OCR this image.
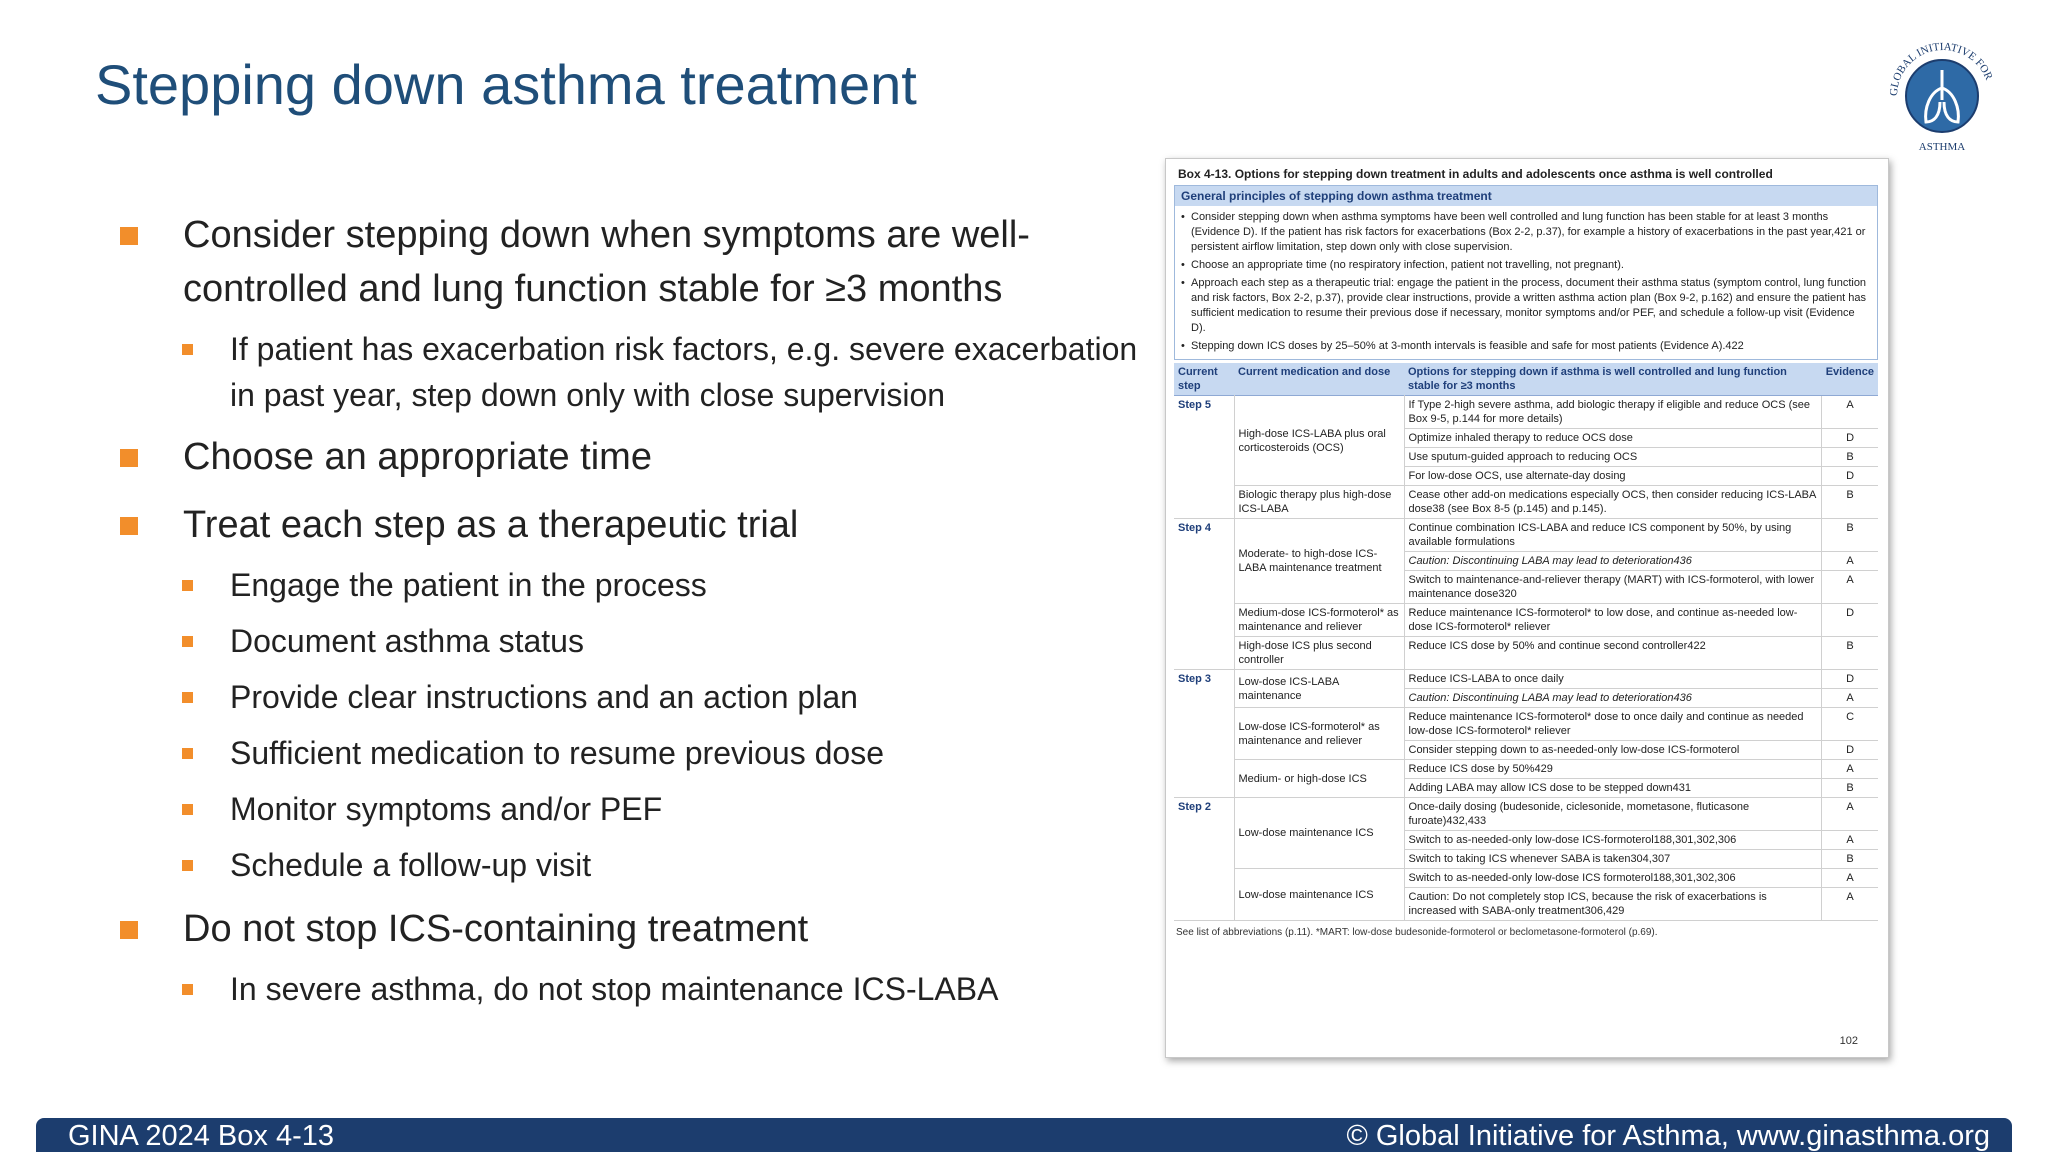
Stepping down asthma treatment	GLOBAL INITIATIVE FOR
ASTHMA
Consider stepping down when symptoms are well-controlled and lung function stable for ≥3 months
If patient has exacerbation risk factors, e.g. severe exacerbation in past year, step down only with close supervision
Choose an appropriate time
Treat each step as a therapeutic trial
Engage the patient in the process
Document asthma status
Provide clear instructions and an action plan
Sufficient medication to resume previous dose
Monitor symptoms and/or PEF
Schedule a follow-up visit
Do not stop ICS-containing treatment
In severe asthma, do not stop maintenance ICS-LABA
Box 4-13. Options for stepping down treatment in adults and adolescents once asthma is well controlled
General principles of stepping down asthma treatment
• Consider stepping down when asthma symptoms have been well controlled and lung function has been stable for at least 3 months (Evidence D). If the patient has risk factors for exacerbations (Box 2-2, p.37), for example a history of exacerbations in the past year,421 or persistent airflow limitation, step down only with close supervision.
• Choose an appropriate time (no respiratory infection, patient not travelling, not pregnant).
• Approach each step as a therapeutic trial: engage the patient in the process, document their asthma status (symptom control, lung function and risk factors, Box 2-2, p.37), provide clear instructions, provide a written asthma action plan (Box 9-2, p.162) and ensure the patient has sufficient medication to resume their previous dose if necessary, monitor symptoms and/or PEF, and schedule a follow-up visit (Evidence D).
• Stepping down ICS doses by 25–50% at 3-month intervals is feasible and safe for most patients (Evidence A).422
Current step	Current medication and dose	Options for stepping down if asthma is well controlled and lung function stable for ≥3 months	Evidence
Step 5	High-dose ICS-LABA plus oral corticosteroids (OCS)	If Type 2-high severe asthma, add biologic therapy if eligible and reduce OCS (see Box 9-5, p.144 for more details)	A
		Optimize inhaled therapy to reduce OCS dose	D
		Use sputum-guided approach to reducing OCS	B
		For low-dose OCS, use alternate-day dosing	D
	Biologic therapy plus high-dose ICS-LABA	Cease other add-on medications especially OCS, then consider reducing ICS-LABA dose38 (see Box 8-5 (p.145) and p.145).	B
Step 4	Moderate- to high-dose ICS-LABA maintenance treatment	Continue combination ICS-LABA and reduce ICS component by 50%, by using available formulations	B
		Caution: Discontinuing LABA may lead to deterioration436	A
		Switch to maintenance-and-reliever therapy (MART) with ICS-formoterol, with lower maintenance dose320	A
	Medium-dose ICS-formoterol* as maintenance and reliever	Reduce maintenance ICS-formoterol* to low dose, and continue as-needed low-dose ICS-formoterol* reliever	D
	High-dose ICS plus second controller	Reduce ICS dose by 50% and continue second controller422	B
Step 3	Low-dose ICS-LABA maintenance	Reduce ICS-LABA to once daily	D
		Caution: Discontinuing LABA may lead to deterioration436	A
	Low-dose ICS-formoterol* as maintenance and reliever	Reduce maintenance ICS-formoterol* dose to once daily and continue as needed low-dose ICS-formoterol* reliever	C
		Consider stepping down to as-needed-only low-dose ICS-formoterol	D
	Medium- or high-dose ICS	Reduce ICS dose by 50%429	A
		Adding LABA may allow ICS dose to be stepped down431	B
Step 2	Low-dose maintenance ICS	Once-daily dosing (budesonide, ciclesonide, mometasone, fluticasone furoate)432,433	A
		Switch to as-needed-only low-dose ICS-formoterol188,301,302,306	A
		Switch to taking ICS whenever SABA is taken304,307	B
	Low-dose maintenance ICS	Switch to as-needed-only low-dose ICS formoterol188,301,302,306	A
		Caution: Do not completely stop ICS, because the risk of exacerbations is increased with SABA-only treatment306,429	A
See list of abbreviations (p.11). *MART: low-dose budesonide-formoterol or beclometasone-formoterol (p.69).
102
GINA 2024 Box 4-13	© Global Initiative for Asthma, www.ginasthma.org
